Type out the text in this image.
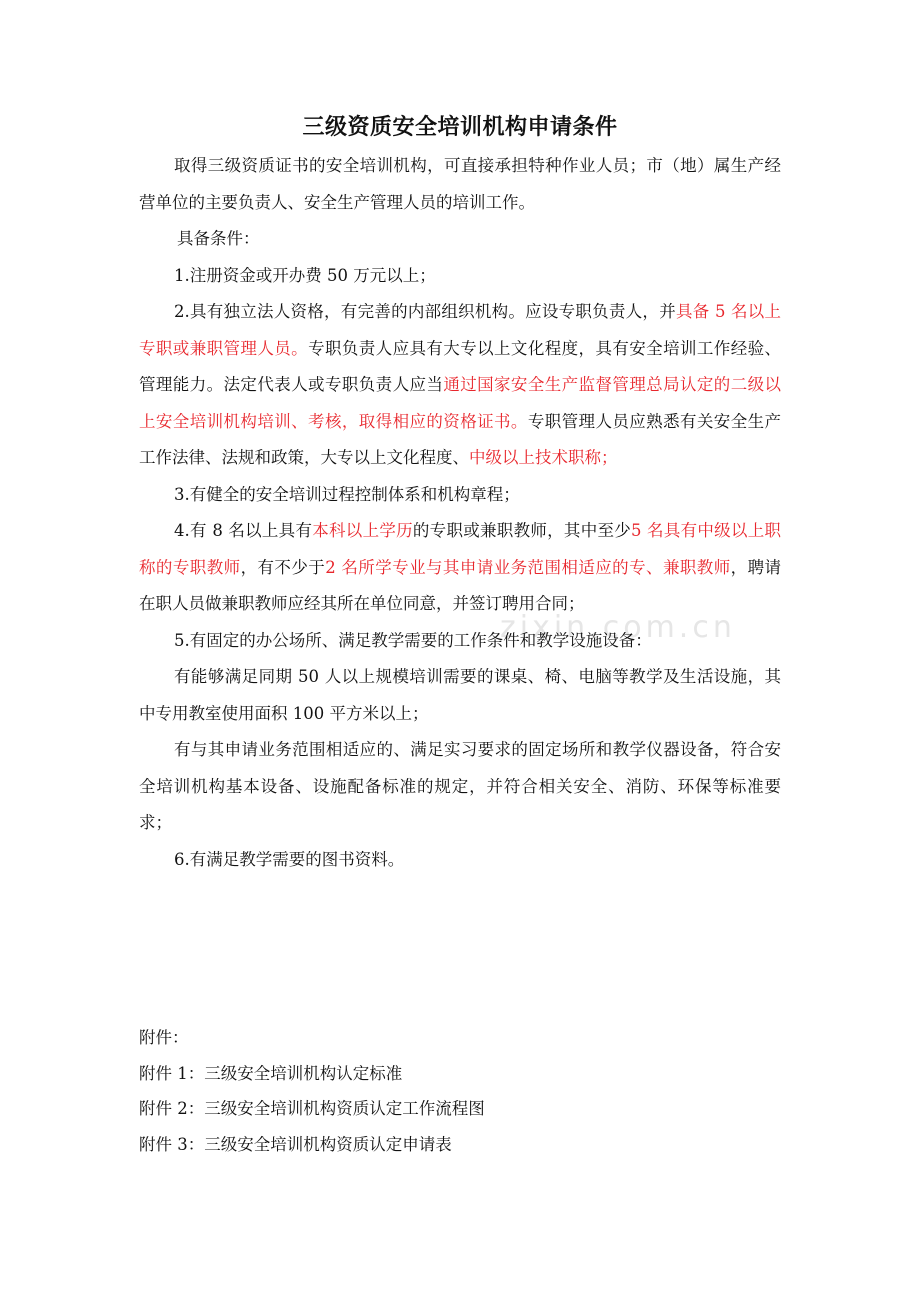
zixin.com.cn
三级资质安全培训机构申请条件

取得三级资质证书的安全培训机构，可直接承担特种作业人员；市（地）属生产经营单位的主要负责人、安全生产管理人员的培训工作。

具备条件：

1.注册资金或开办费 50 万元以上；

2.具有独立法人资格，有完善的内部组织机构。应设专职负责人，并具备 5 名以上专职或兼职管理人员。专职负责人应具有大专以上文化程度，具有安全培训工作经验、管理能力。法定代表人或专职负责人应当通过国家安全生产监督管理总局认定的二级以上安全培训机构培训、考核，取得相应的资格证书。专职管理人员应熟悉有关安全生产工作法律、法规和政策，大专以上文化程度、中级以上技术职称；

3.有健全的安全培训过程控制体系和机构章程；

4.有 8 名以上具有本科以上学历的专职或兼职教师，其中至少5 名具有中级以上职称的专职教师，有不少于2 名所学专业与其申请业务范围相适应的专、兼职教师，聘请在职人员做兼职教师应经其所在单位同意，并签订聘用合同；

5.有固定的办公场所、满足教学需要的工作条件和教学设施设备：

有能够满足同期 50 人以上规模培训需要的课桌、椅、电脑等教学及生活设施，其中专用教室使用面积 100 平方米以上；

有与其申请业务范围相适应的、满足实习要求的固定场所和教学仪器设备，符合安全培训机构基本设备、设施配备标准的规定，并符合相关安全、消防、环保等标准要求；

6.有满足教学需要的图书资料。

附件：

附件 1：三级安全培训机构认定标准

附件 2：三级安全培训机构资质认定工作流程图

附件 3：三级安全培训机构资质认定申请表
